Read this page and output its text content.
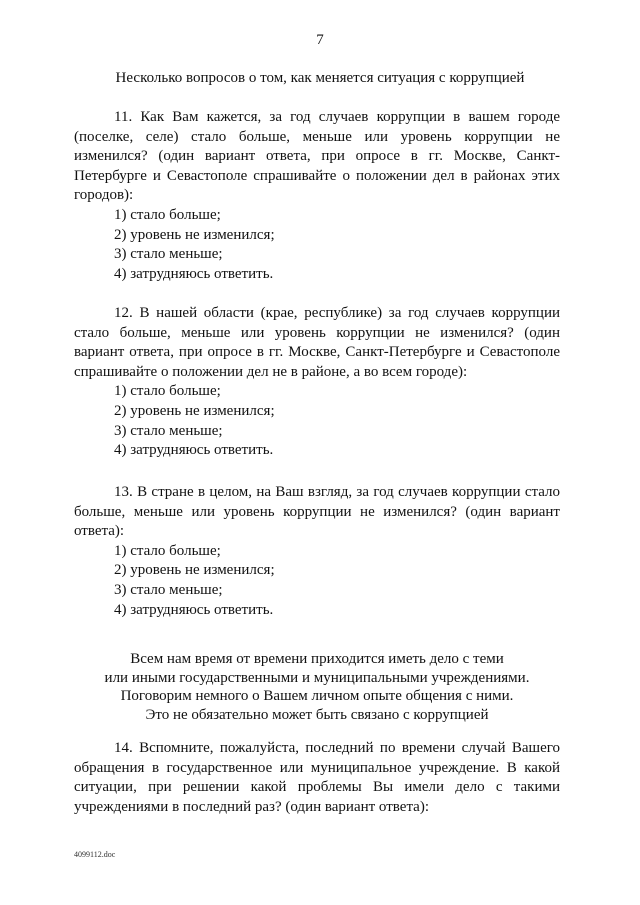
7
Несколько вопросов о том, как меняется ситуация с коррупцией

11. Как Вам кажется, за год случаев коррупции в вашем городе (поселке, селе) стало больше, меньше или уровень коррупции не изменился? (один вариант ответа, при опросе в гг. Москве, Санкт-Петербурге и Севастополе спрашивайте о положении дел в районах этих городов):

1) стало больше;
2) уровень не изменился;
3) стало меньше;
4) затрудняюсь ответить.

12. В нашей области (крае, республике) за год случаев коррупции стало больше, меньше или уровень коррупции не изменился? (один вариант ответа, при опросе в гг. Москве, Санкт-Петербурге и Севастополе спрашивайте о положении дел не в районе, а во всем городе):

1) стало больше;
2) уровень не изменился;
3) стало меньше;
4) затрудняюсь ответить.

13. В стране в целом, на Ваш взгляд, за год случаев коррупции стало больше, меньше или уровень коррупции не изменился? (один вариант ответа):

1) стало больше;
2) уровень не изменился;
3) стало меньше;
4) затрудняюсь ответить.
Всем нам время от времени приходится иметь дело с теми
или иными государственными и муниципальными учреждениями.
Поговорим немного о Вашем личном опыте общения с ними.
Это не обязательно может быть связано с коррупцией

14. Вспомните, пожалуйста, последний по времени случай Вашего обращения в государственное или муниципальное учреждение. В какой ситуации, при решении какой проблемы Вы имели дело с такими учреждениями в последний раз? (один вариант ответа):

4099112.doc
